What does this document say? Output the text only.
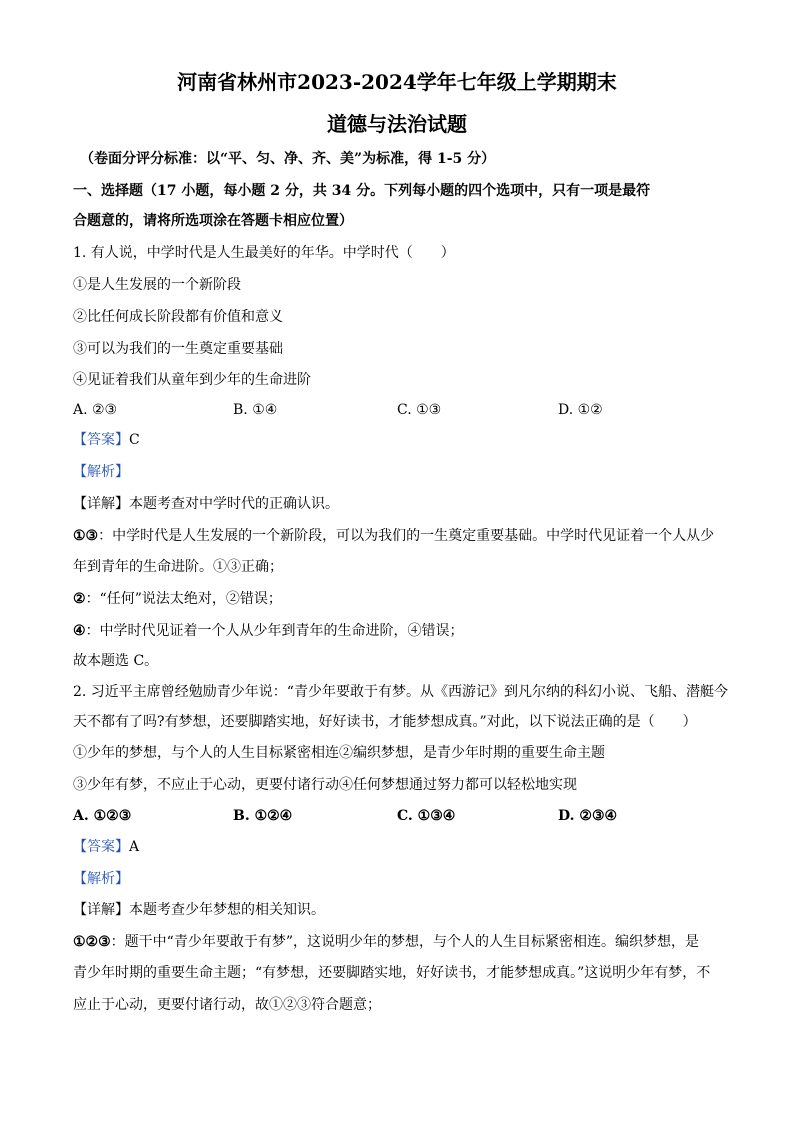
河南省林州市2023-2024学年七年级上学期期末
道德与法治试题
（卷面分评分标准：以“平、匀、净、齐、美”为标准，得 1-5 分）
一、选择题（17 小题，每小题 2 分，共 34 分。下列每小题的四个选项中，只有一项是最符
合题意的，请将所选项涂在答题卡相应位置）
1. 有人说，中学时代是人生最美好的年华。中学时代（　　）
①是人生发展的一个新阶段
②比任何成长阶段都有价值和意义
③可以为我们的一生奠定重要基础
④见证着我们从童年到少年的生命进阶
A. ②③	B. ①④	C. ①③	D. ①②
【答案】C
【解析】
【详解】本题考查对中学时代的正确认识。
①③：中学时代是人生发展的一个新阶段，可以为我们的一生奠定重要基础。中学时代见证着一个人从少
年到青年的生命进阶。①③正确；
②：“任何”说法太绝对，②错误；
④：中学时代见证着一个人从少年到青年的生命进阶，④错误；
故本题选 C。
2. 习近平主席曾经勉励青少年说：“青少年要敢于有梦。从《西游记》到凡尔纳的科幻小说、飞船、潜艇今
天不都有了吗?有梦想，还要脚踏实地，好好读书，才能梦想成真。”对此，以下说法正确的是（　　）
①少年的梦想，与个人的人生目标紧密相连②编织梦想，是青少年时期的重要生命主题
③少年有梦，不应止于心动，更要付诸行动④任何梦想通过努力都可以轻松地实现
A. ①②③	B. ①②④	C. ①③④	D. ②③④
【答案】A
【解析】
【详解】本题考查少年梦想的相关知识。
①②③：题干中“青少年要敢于有梦”，这说明少年的梦想，与个人的人生目标紧密相连。编织梦想，是
青少年时期的重要生命主题；“有梦想，还要脚踏实地，好好读书，才能梦想成真。”这说明少年有梦，不
应止于心动，更要付诸行动，故①②③符合题意；
